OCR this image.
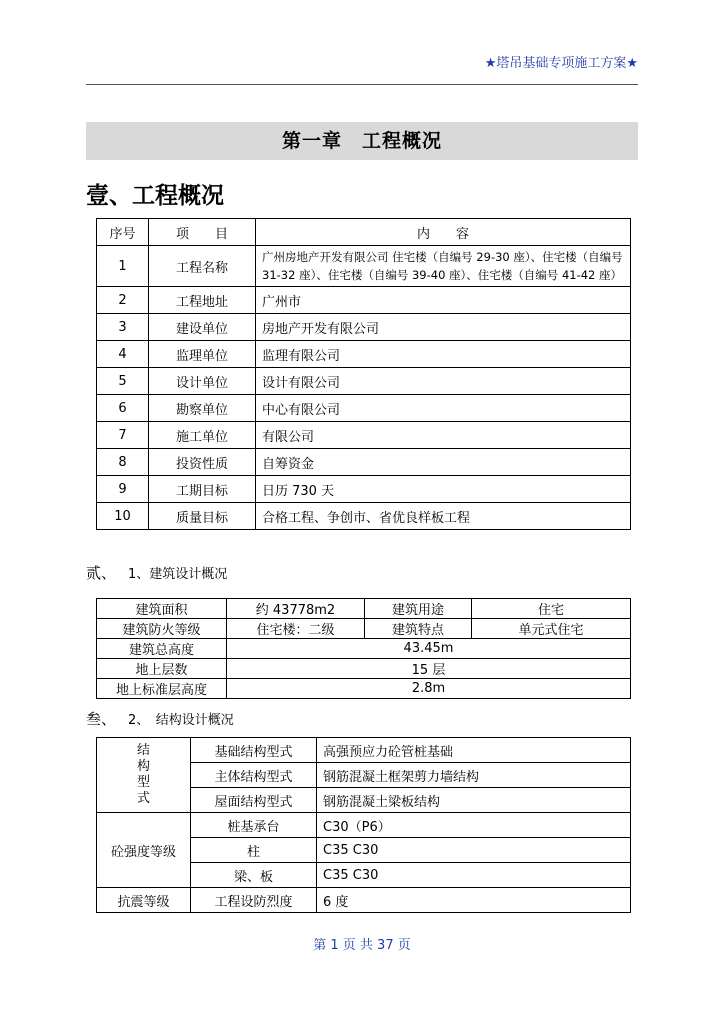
★塔吊基础专项施工方案★
第一章　工程概况
壹、工程概况
序号	项　　目	内　　容
1	工程名称	广州房地产开发有限公司 住宅楼（自编号 29-30 座）、住宅楼（自编号 31-32 座）、住宅楼（自编号 39-40 座）、住宅楼（自编号 41-42 座）
2	工程地址	广州市
3	建设单位	房地产开发有限公司
4	监理单位	监理有限公司
5	设计单位	设计有限公司
6	勘察单位	中心有限公司
7	施工单位	有限公司
8	投资性质	自筹资金
9	工期目标	日历 730 天
10	质量目标	合格工程、争创市、省优良样板工程
贰、 1、建筑设计概况
建筑面积	约 43778m2	建筑用途	住宅
建筑防火等级	住宅楼：二级	建筑特点	单元式住宅
建筑总高度	43.45m		
地上层数	15 层		
地上标准层高度	2.8m		
叁、 2、　结构设计概况
结
构
型
式	基础结构型式	高强预应力砼管桩基础
	主体结构型式	钢筋混凝土框架剪力墙结构
	屋面结构型式	钢筋混凝土梁板结构
砼强度等级	桩基承台	C30（P6）
	柱	C35 C30
	梁、板	C35 C30
抗震等级	工程设防烈度	6 度
第 1 页 共 37 页
